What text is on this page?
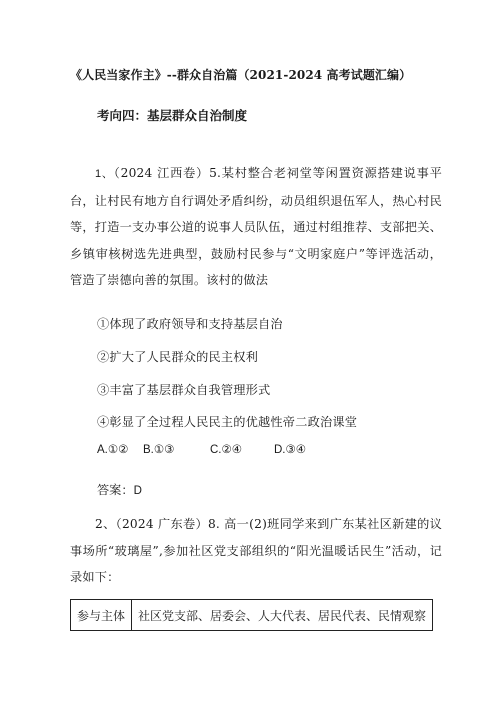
《人民当家作主》--群众自治篇（2021-2024 高考试题汇编）
考向四：基层群众自治制度
1、（2024 江西卷）5.某村整合老祠堂等闲置资源搭建说事平台，让村民有地方自行调处矛盾纠纷，动员组织退伍军人，热心村民等，打造一支办事公道的说事人员队伍，通过村组推荐、支部把关、乡镇审核树选先进典型，鼓励村民参与“文明家庭户”等评选活动，管造了崇德向善的氛围。该村的做法
①体现了政府领导和支持基层自治
②扩大了人民群众的民主权利
③丰富了基层群众自我管理形式
④彰显了全过程人民民主的优越性帝二政治课堂
A.①② B.①③	C.②④	D.③④
答案：D
2、（2024 广东卷）8. 高一(2)班同学来到广东某社区新建的议事场所“玻璃屋”,参加社区党支部组织的“阳光温暖话民生”活动，记录如下：
参与主体	社区党支部、居委会、人大代表、居民代表、民情观察
